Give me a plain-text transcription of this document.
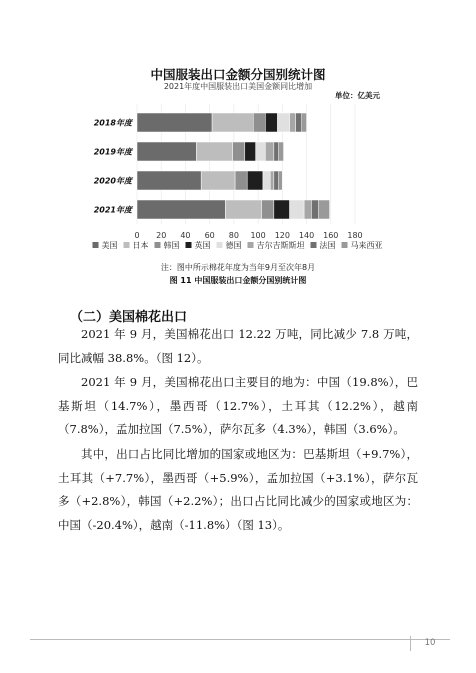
中国服装出口金额分国别统计图
2021年度中国服装出口美国金额同比增加
单位：亿美元
0 20 40 60 80 100 120 140 160 180
2018年度
2019年度
2020年度
2021年度
美国 日本 韩国 英国 德国 吉尔吉斯斯坦 法国 马来西亚
注：图中所示棉花年度为当年9月至次年8月
图 11 中国服装出口金额分国别统计图
（二）美国棉花出口

2021 年 9 月，美国棉花出口 12.22 万吨，同比减少 7.8 万吨，同比减幅 38.8%。（图 12）。

2021 年 9 月，美国棉花出口主要目的地为：中国（19.8%），巴基斯坦（14.7%），墨西哥（12.7%），土耳其（12.2%），越南（7.8%），孟加拉国（7.5%），萨尔瓦多（4.3%），韩国（3.6%）。

其中，出口占比同比增加的国家或地区为：巴基斯坦（+9.7%），土耳其（+7.7%），墨西哥（+5.9%），孟加拉国（+3.1%），萨尔瓦多（+2.8%），韩国（+2.2%）；出口占比同比减少的国家或地区为：中国（-20.4%），越南（-11.8%）（图 13）。

10
